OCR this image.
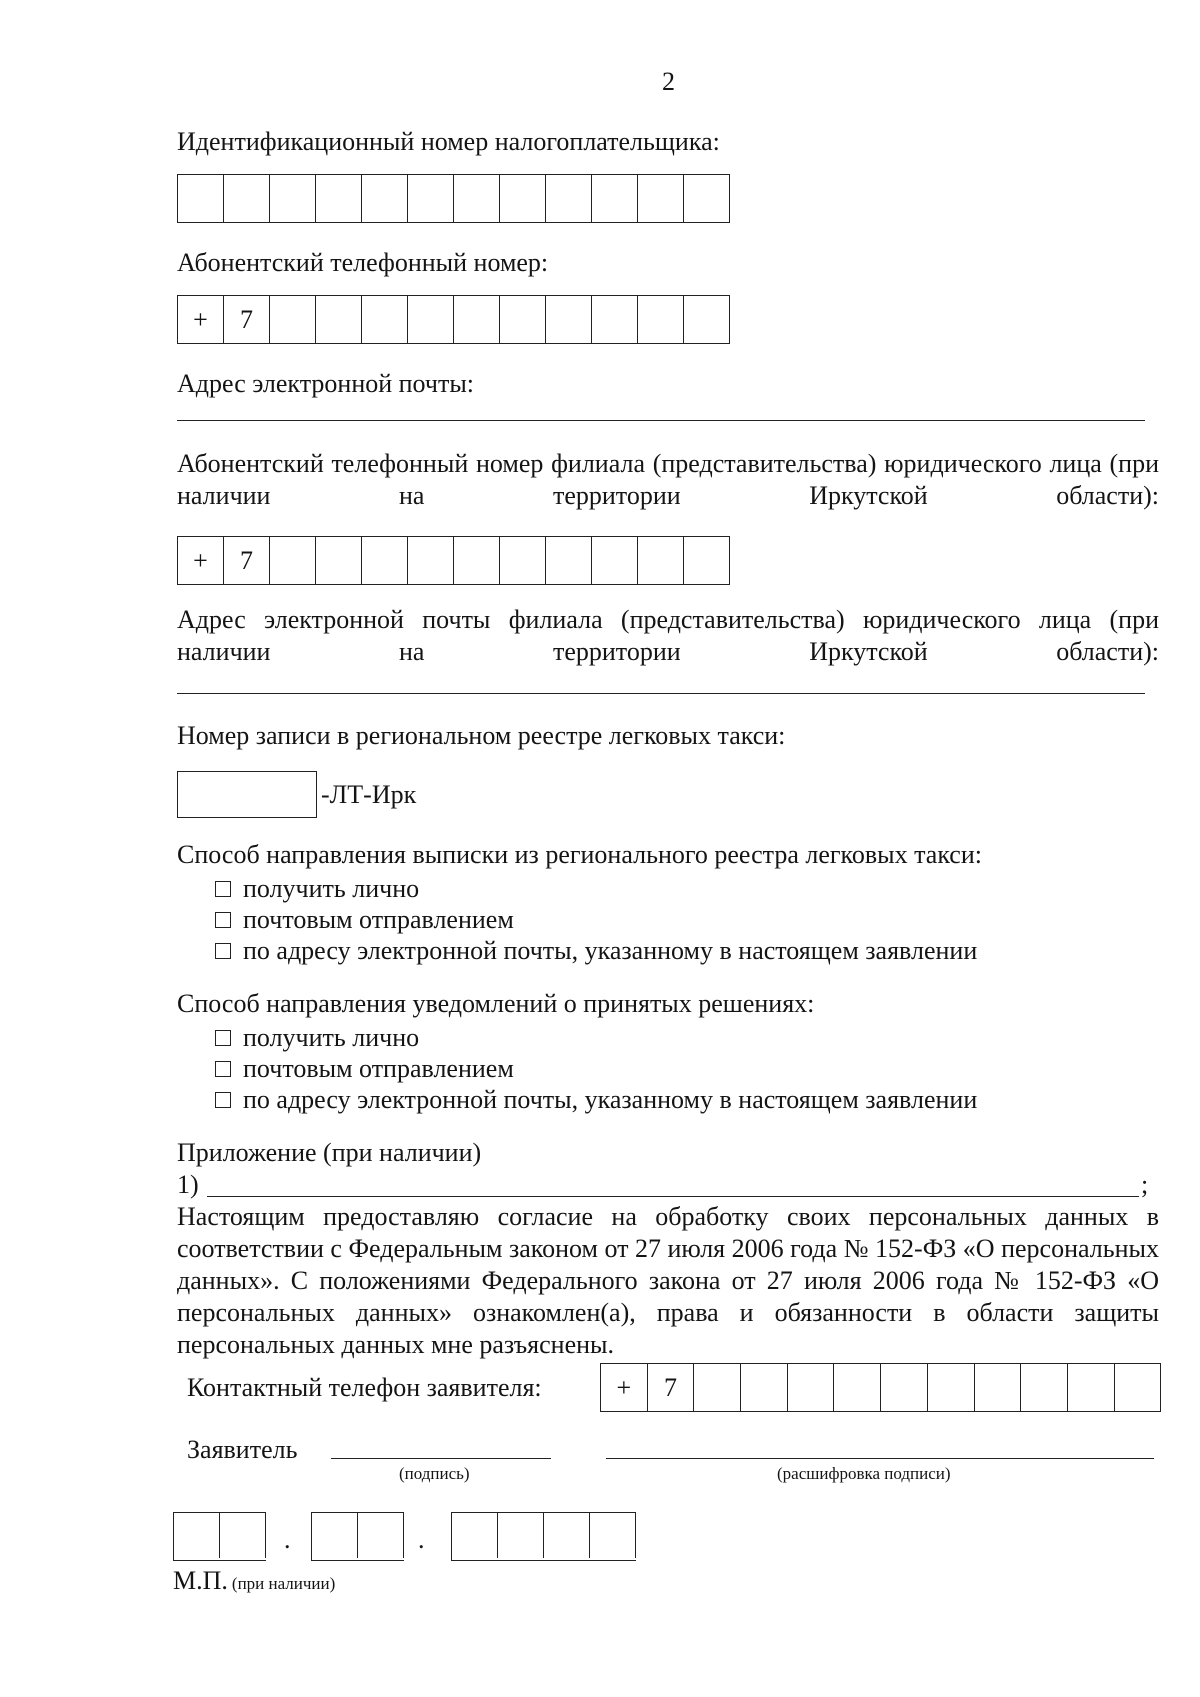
2
Идентификационный номер налогоплательщика:
Абонентский телефонный номер:
+	7
Адрес электронной почты:
Абонентский телефонный номер филиала (представительства) юридического лица (при наличии на территории Иркутской области):
+	7
Адрес электронной почты филиала (представительства) юридического лица (при наличии на территории Иркутской области):
Номер записи в региональном реестре легковых такси:
-ЛТ-Ирк
Способ направления выписки из регионального реестра легковых такси:
получить лично
почтовым отправлением
по адресу электронной почты, указанному в настоящем заявлении
Способ направления уведомлений о принятых решениях:
получить лично
почтовым отправлением
по адресу электронной почты, указанному в настоящем заявлении
Приложение (при наличии)
1)	;
Настоящим предоставляю согласие на обработку своих персональных данных в соответствии с Федеральным законом от 27 июля 2006 года № 152-ФЗ «О персональных данных». С положениями Федерального закона от 27 июля 2006 года № 152-ФЗ «О персональных данных» ознакомлен(а), права и обязанности в области защиты персональных данных мне разъяснены.
Контактный телефон заявителя:	+	7
Заявитель
(подпись)	(расшифровка подписи)
.	.
М.П. (при наличии)
